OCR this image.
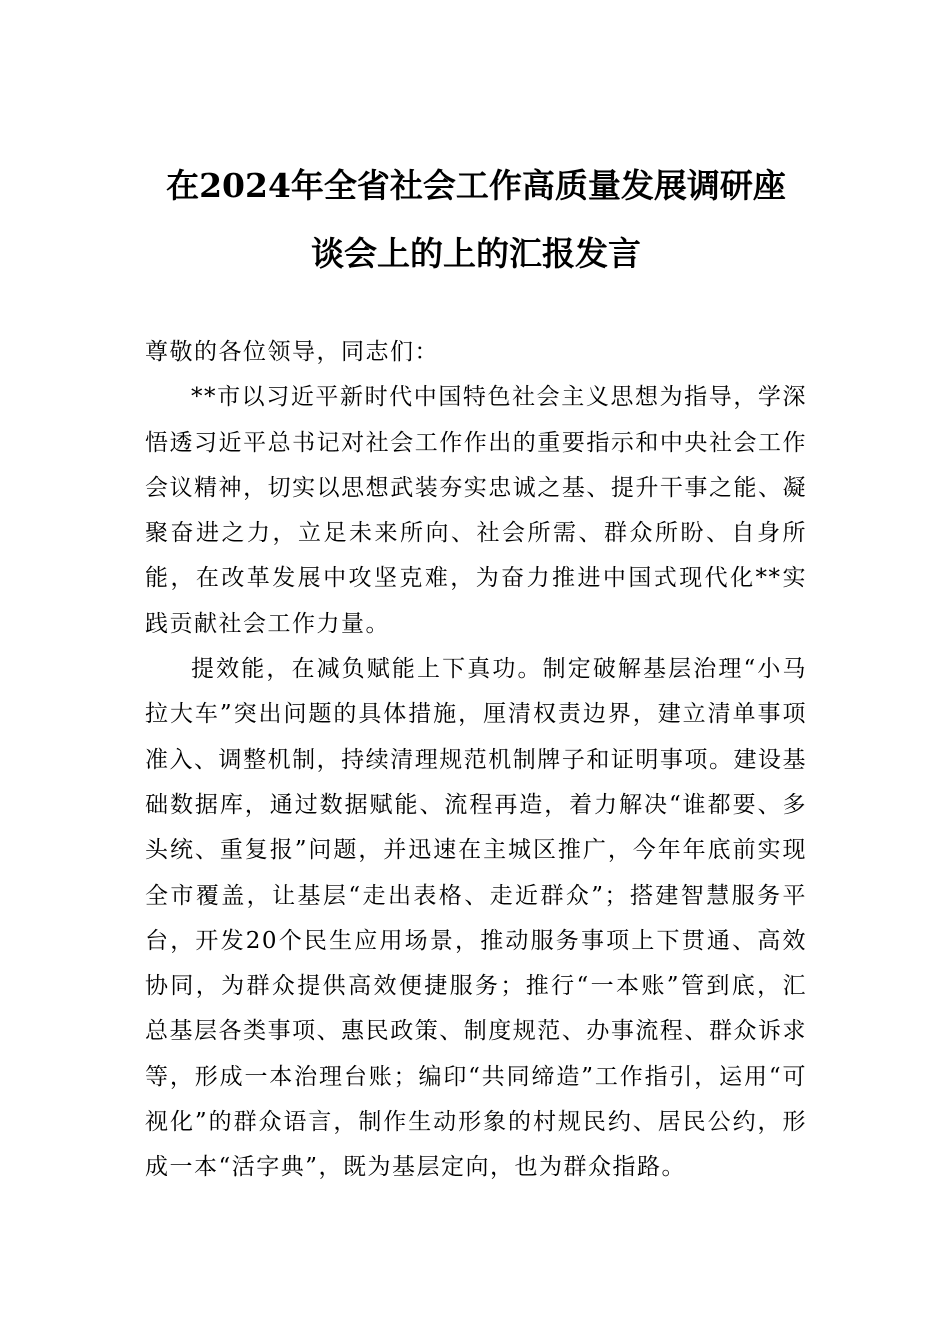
在2024年全省社会工作高质量发展调研座
谈会上的上的汇报发言

尊敬的各位领导，同志们：

**市以习近平新时代中国特色社会主义思想为指导，学深悟透习近平总书记对社会工作作出的重要指示和中央社会工作会议精神，切实以思想武装夯实忠诚之基、提升干事之能、凝聚奋进之力，立足未来所向、社会所需、群众所盼、自身所能，在改革发展中攻坚克难，为奋力推进中国式现代化**实践贡献社会工作力量。

提效能，在减负赋能上下真功。制定破解基层治理“小马拉大车”突出问题的具体措施，厘清权责边界，建立清单事项准入、调整机制，持续清理规范机制牌子和证明事项。建设基础数据库，通过数据赋能、流程再造，着力解决“谁都要、多头统、重复报”问题，并迅速在主城区推广，今年年底前实现全市覆盖，让基层“走出表格、走近群众”；搭建智慧服务平台，开发20个民生应用场景，推动服务事项上下贯通、高效协同，为群众提供高效便捷服务；推行“一本账”管到底，汇总基层各类事项、惠民政策、制度规范、办事流程、群众诉求等，形成一本治理台账；编印“共同缔造”工作指引，运用“可视化”的群众语言，制作生动形象的村规民约、居民公约，形成一本“活字典”，既为基层定向，也为群众指路。
